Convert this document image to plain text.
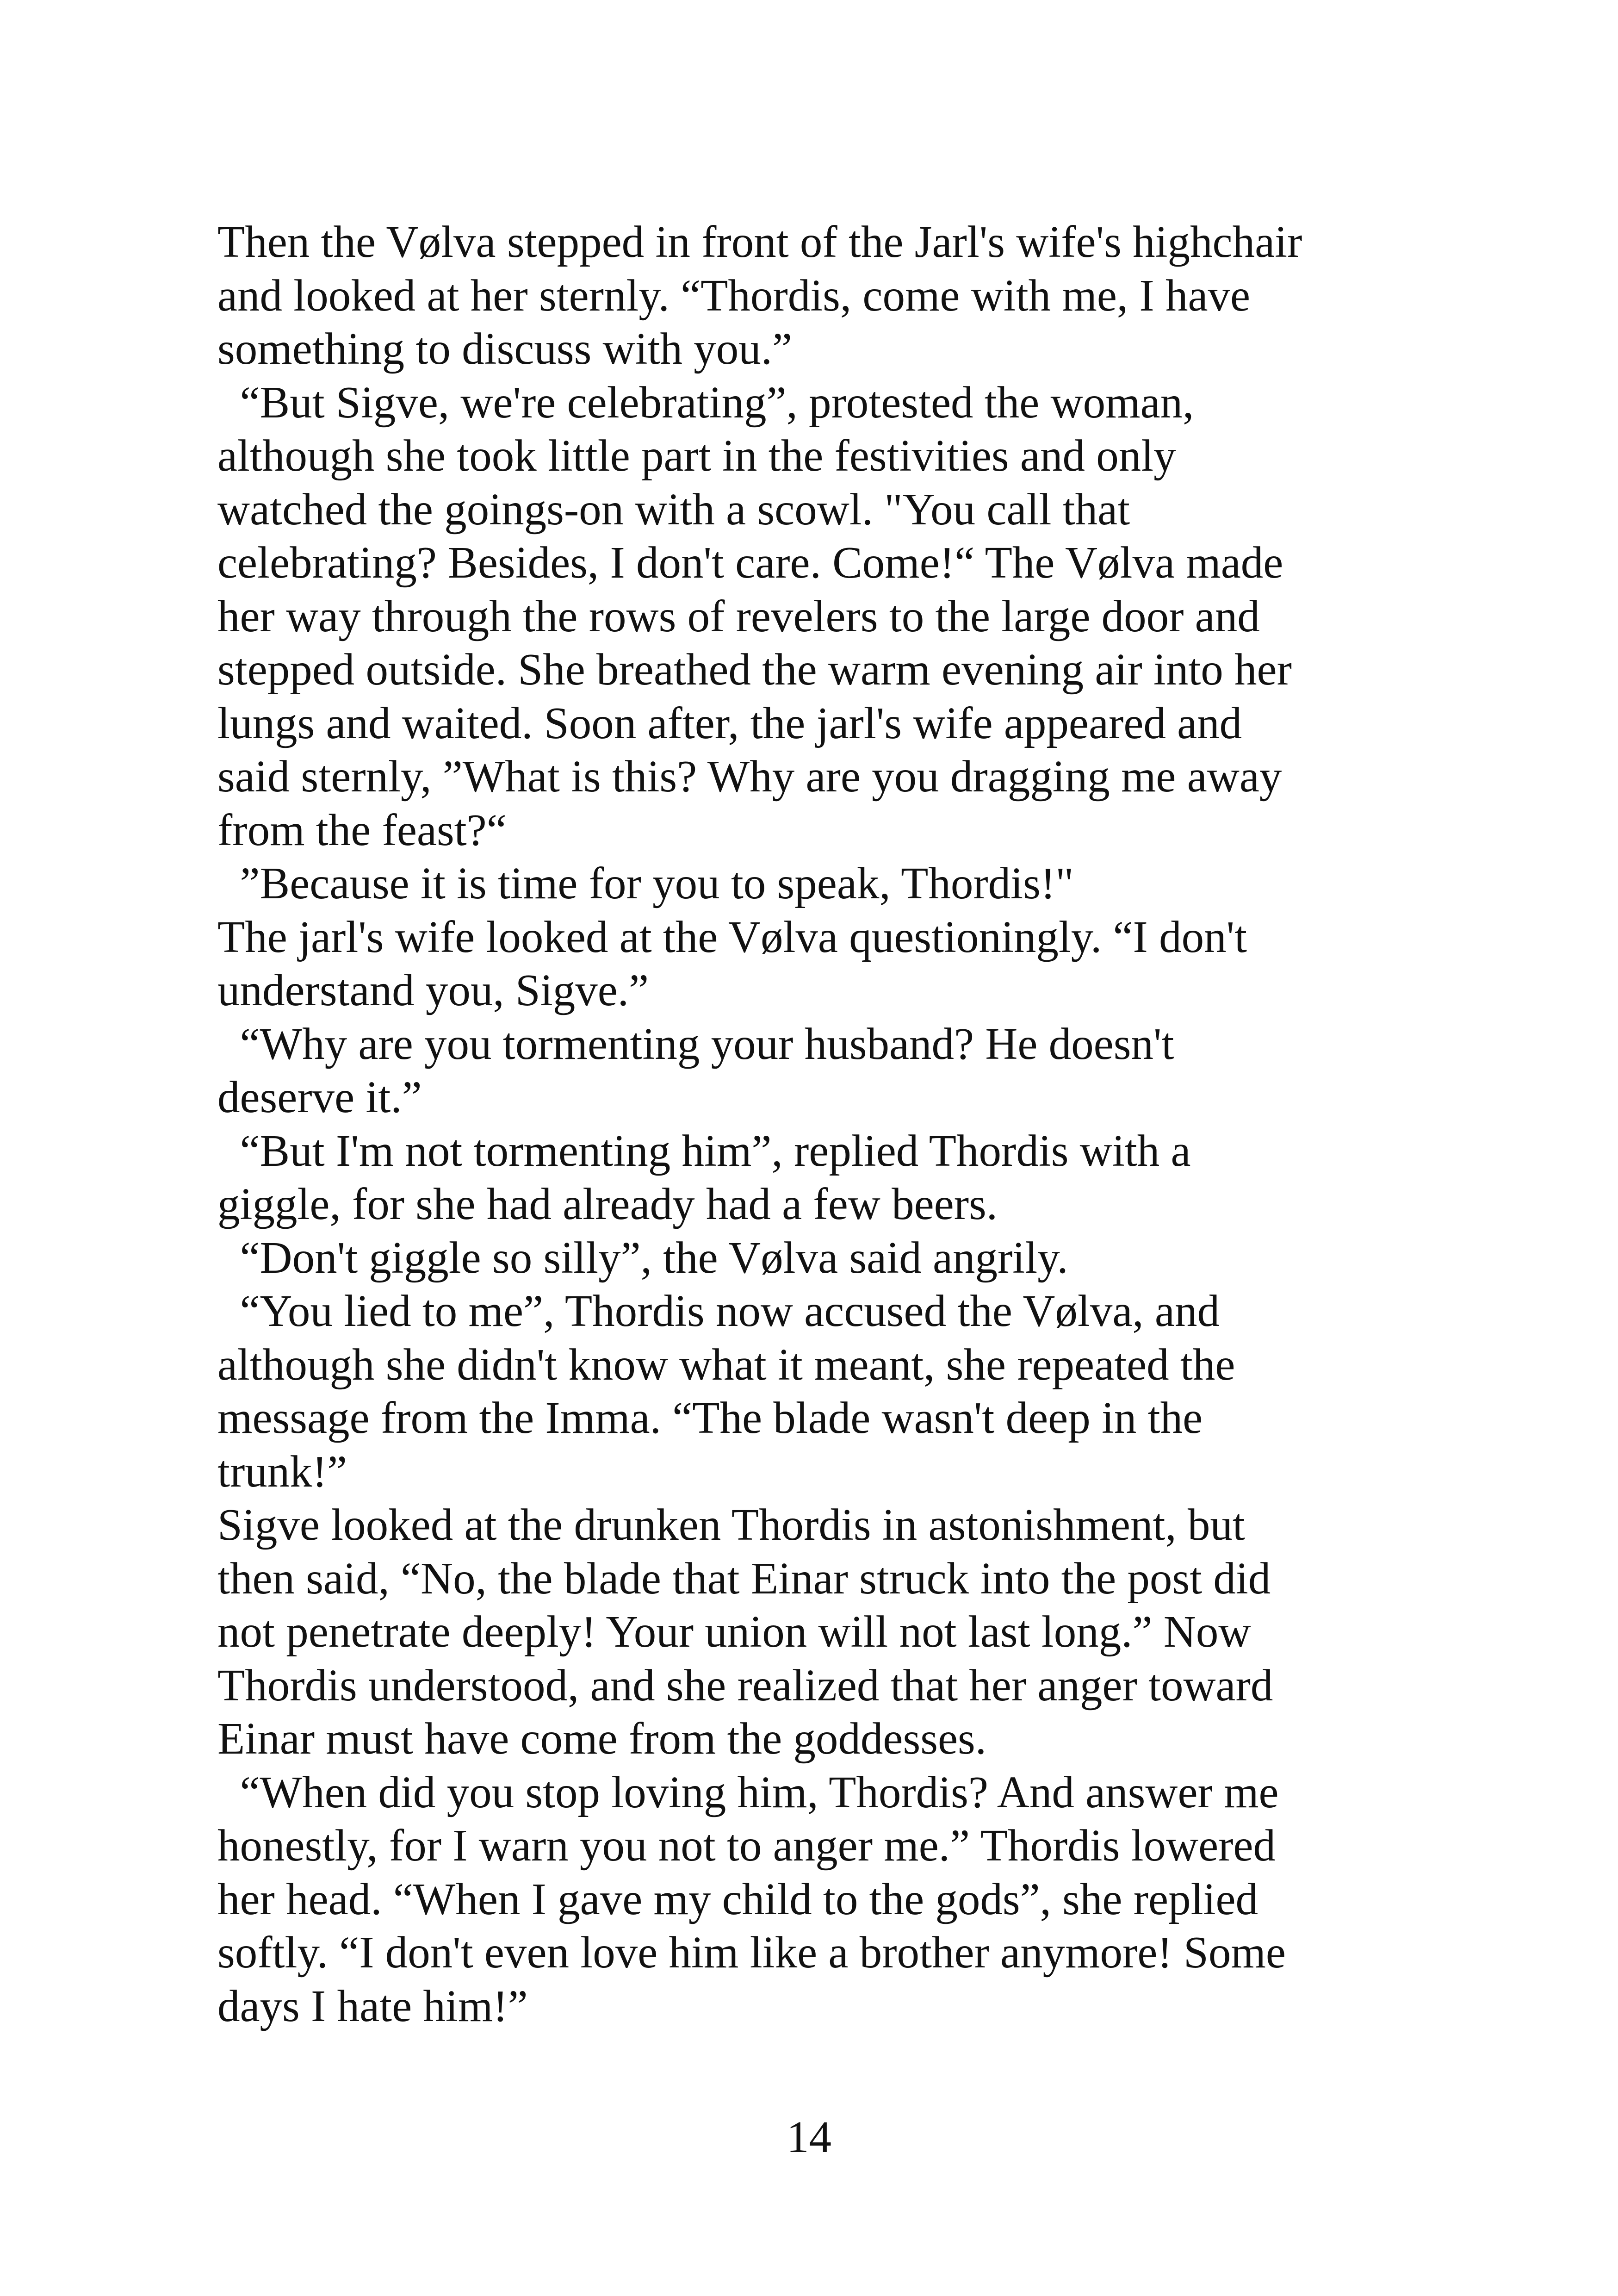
Then the Vølva stepped in front of the Jarl's wife's highchair
and looked at her sternly. “Thordis, come with me, I have
something to discuss with you.”
“But Sigve, we're celebrating”, protested the woman,
although she took little part in the festivities and only
watched the goings-on with a scowl. "You call that
celebrating? Besides, I don't care. Come!“ The Vølva made
her way through the rows of revelers to the large door and
stepped outside. She breathed the warm evening air into her
lungs and waited. Soon after, the jarl's wife appeared and
said sternly, ”What is this? Why are you dragging me away
from the feast?“
”Because it is time for you to speak, Thordis!"
The jarl's wife looked at the Vølva questioningly. “I don't
understand you, Sigve.”
“Why are you tormenting your husband? He doesn't
deserve it.”
“But I'm not tormenting him”, replied Thordis with a
giggle, for she had already had a few beers.
“Don't giggle so silly”, the Vølva said angrily.
“You lied to me”, Thordis now accused the Vølva, and
although she didn't know what it meant, she repeated the
message from the Imma. “The blade wasn't deep in the
trunk!”
Sigve looked at the drunken Thordis in astonishment, but
then said, “No, the blade that Einar struck into the post did
not penetrate deeply! Your union will not last long.” Now
Thordis understood, and she realized that her anger toward
Einar must have come from the goddesses.
“When did you stop loving him, Thordis? And answer me
honestly, for I warn you not to anger me.” Thordis lowered
her head. “When I gave my child to the gods”, she replied
softly. “I don't even love him like a brother anymore! Some
days I hate him!”
14
